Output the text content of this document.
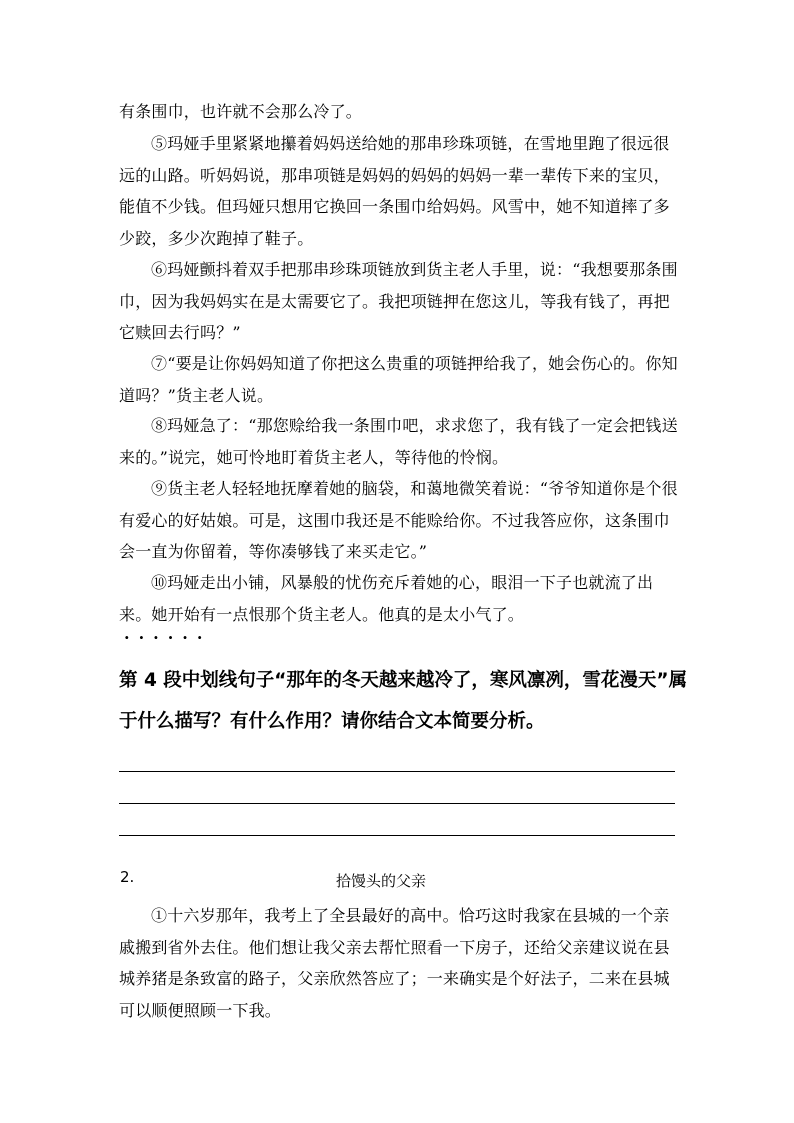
有条围巾，也许就不会那么冷了。
⑤玛娅手里紧紧地攥着妈妈送给她的那串珍珠项链，在雪地里跑了很远很远的山路。听妈妈说，那串项链是妈妈的妈妈的妈妈一辈一辈传下来的宝贝，能值不少钱。但玛娅只想用它换回一条围巾给妈妈。风雪中，她不知道摔了多少跤，多少次跑掉了鞋子。
⑥玛娅颤抖着双手把那串珍珠项链放到货主老人手里，说：“我想要那条围巾，因为我妈妈实在是太需要它了。我把项链押在您这儿，等我有钱了，再把它赎回去行吗？”
⑦“要是让你妈妈知道了你把这么贵重的项链押给我了，她会伤心的。你知道吗？”货主老人说。
⑧玛娅急了：“那您赊给我一条围巾吧，求求您了，我有钱了一定会把钱送来的。”说完，她可怜地盯着货主老人，等待他的怜悯。
⑨货主老人轻轻地抚摩着她的脑袋，和蔼地微笑着说：“爷爷知道你是个很有爱心的好姑娘。可是，这围巾我还是不能赊给你。不过我答应你，这条围巾会一直为你留着，等你凑够钱了来买走它。”
⑩玛娅走出小铺，风暴般的忧伤充斥着她的心，眼泪一下子也就流了出来。她开始有一点恨那个货主老人。他真的是太小气了。
······
第 4 段中划线句子“那年的冬天越来越冷了，寒风凛冽，雪花漫天”属于什么描写？有什么作用？请你结合文本简要分析。
2.	拾馒头的父亲
①十六岁那年，我考上了全县最好的高中。恰巧这时我家在县城的一个亲戚搬到省外去住。他们想让我父亲去帮忙照看一下房子，还给父亲建议说在县城养猪是条致富的路子，父亲欣然答应了；一来确实是个好法子，二来在县城可以顺便照顾一下我。
